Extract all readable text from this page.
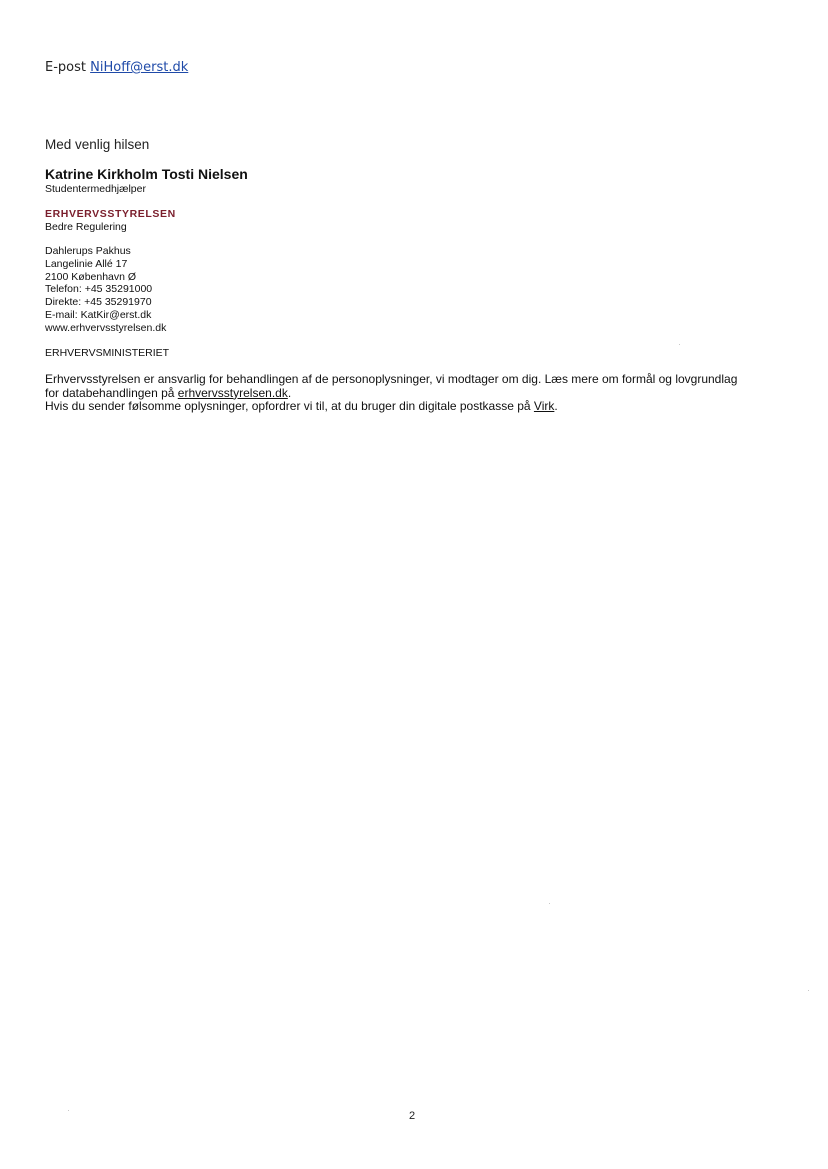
E-post NiHoff@erst.dk
Med venlig hilsen
Katrine Kirkholm Tosti Nielsen
Studentermedhjælper
ERHVERVSSTYRELSEN
Bedre Regulering
Dahlerups Pakhus
Langelinie Allé 17
2100 København Ø
Telefon: +45 35291000
Direkte: +45 35291970
E-mail: KatKir@erst.dk
www.erhvervsstyrelsen.dk
ERHVERVSMINISTERIET
Erhvervsstyrelsen er ansvarlig for behandlingen af de personoplysninger, vi modtager om dig. Læs mere om formål og lovgrundlag
for databehandlingen på erhvervsstyrelsen.dk.
Hvis du sender følsomme oplysninger, opfordrer vi til, at du bruger din digitale postkasse på Virk.
2
